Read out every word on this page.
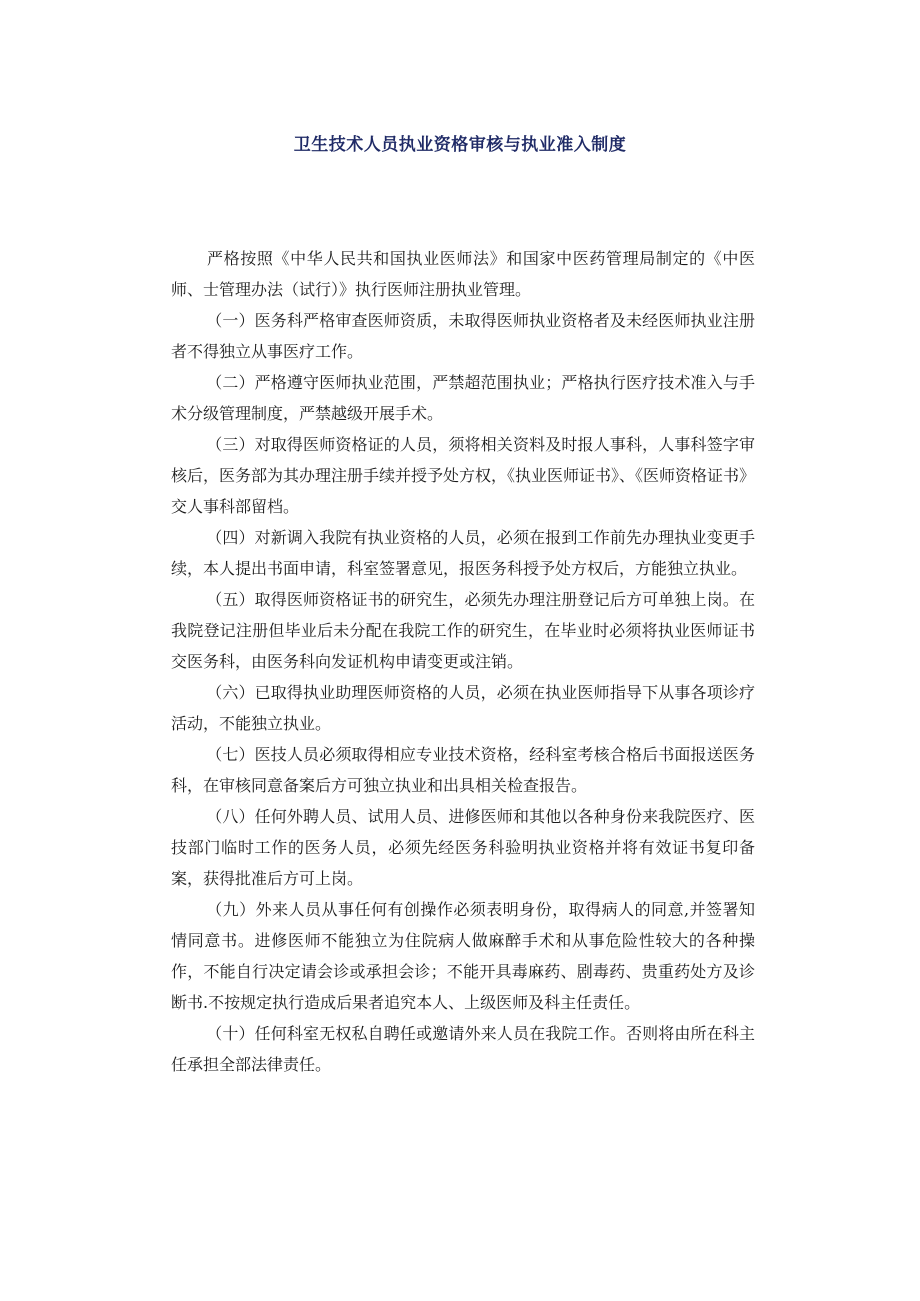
卫生技术人员执业资格审核与执业准入制度

严格按照《中华人民共和国执业医师法》和国家中医药管理局制定的《中医师、士管理办法（试行）》执行医师注册执业管理。

（一）医务科严格审查医师资质，未取得医师执业资格者及未经医师执业注册者不得独立从事医疗工作。

（二）严格遵守医师执业范围，严禁超范围执业；严格执行医疗技术准入与手术分级管理制度，严禁越级开展手术。

（三）对取得医师资格证的人员，须将相关资料及时报人事科，人事科签字审核后，医务部为其办理注册手续并授予处方权，《执业医师证书》、《医师资格证书》交人事科部留档。

（四）对新调入我院有执业资格的人员，必须在报到工作前先办理执业变更手续，本人提出书面申请，科室签署意见，报医务科授予处方权后，方能独立执业。

（五）取得医师资格证书的研究生，必须先办理注册登记后方可单独上岗。在我院登记注册但毕业后未分配在我院工作的研究生，在毕业时必须将执业医师证书交医务科，由医务科向发证机构申请变更或注销。

（六）已取得执业助理医师资格的人员，必须在执业医师指导下从事各项诊疗活动，不能独立执业。

（七）医技人员必须取得相应专业技术资格，经科室考核合格后书面报送医务科，在审核同意备案后方可独立执业和出具相关检查报告。

（八）任何外聘人员、试用人员、进修医师和其他以各种身份来我院医疗、医技部门临时工作的医务人员，必须先经医务科验明执业资格并将有效证书复印备案，获得批准后方可上岗。

（九）外来人员从事任何有创操作必须表明身份，取得病人的同意,并签署知情同意书。进修医师不能独立为住院病人做麻醉手术和从事危险性较大的各种操作，不能自行决定请会诊或承担会诊；不能开具毒麻药、剧毒药、贵重药处方及诊断书.不按规定执行造成后果者追究本人、上级医师及科主任责任。

（十）任何科室无权私自聘任或邀请外来人员在我院工作。否则将由所在科主任承担全部法律责任。
